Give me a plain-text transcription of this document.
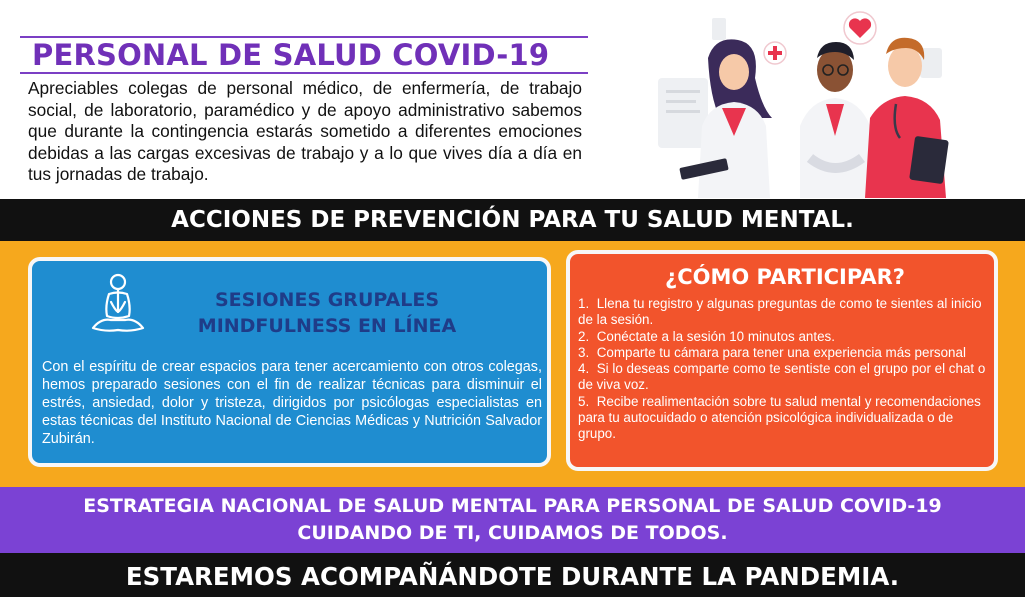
PERSONAL DE SALUD COVID-19
Apreciables colegas de personal médico, de enfermería, de trabajo social, de laboratorio, paramédico y de apoyo administrativo sabemos que durante la contingencia estarás sometido a diferentes emociones debidas a las cargas excesivas de trabajo y a lo que vives día a día en tus jornadas de trabajo.
ACCIONES DE PREVENCIÓN PARA TU SALUD MENTAL.
SESIONES GRUPALES
MINDFULNESS EN LÍNEA
Con el espíritu de crear espacios para tener acercamiento con otros colegas, hemos preparado sesiones con el fin de realizar técnicas para disminuir el estrés, ansiedad, dolor y tristeza, dirigidos por psicólogas especialistas en estas técnicas del Instituto Nacional de Ciencias Médicas y Nutrición Salvador Zubirán.
¿CÓMO PARTICIPAR?
1. Llena tu registro y algunas preguntas de como te sientes al inicio de la sesión.
2. Conéctate a la sesión 10 minutos antes.
3. Comparte tu cámara para tener una experiencia más personal
4. Si lo deseas comparte como te sentiste con el grupo por el chat o de viva voz.
5. Recibe realimentación sobre tu salud mental y recomendaciones para tu autocuidado o atención psicológica individualizada o de grupo.
ESTRATEGIA NACIONAL DE SALUD MENTAL PARA PERSONAL DE SALUD COVID-19
CUIDANDO DE TI, CUIDAMOS DE TODOS.
ESTAREMOS ACOMPAÑÁNDOTE DURANTE LA PANDEMIA.
